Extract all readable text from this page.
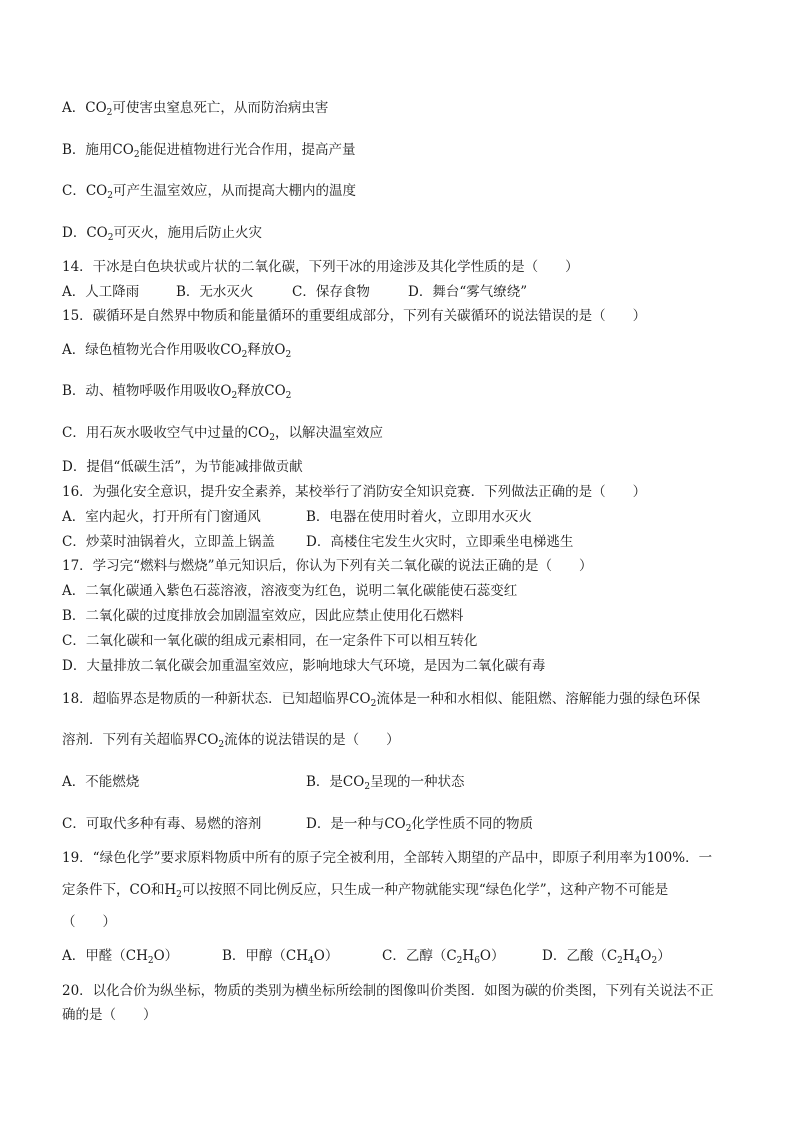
A．$CO_2$可使害虫窒息死亡，从而防治病虫害
B．施用$CO_2$能促进植物进行光合作用，提高产量
C．$CO_2$可产生温室效应，从而提高大棚内的温度
D．$CO_2$可灭火，施用后防止火灾
14．干冰是白色块状或片状的二氧化碳，下列干冰的用途涉及其化学性质的是（　　）
A．人工降雨	B．无水灭火	C．保存食物	D．舞台“雾气缭绕”
15．碳循环是自然界中物质和能量循环的重要组成部分，下列有关碳循环的说法错误的是（　　）
A．绿色植物光合作用吸收$CO_2$释放$O_2$
B．动、植物呼吸作用吸收$O_2$释放$CO_2$
C．用石灰水吸收空气中过量的$CO_2$，以解决温室效应
D．提倡“低碳生活”，为节能减排做贡献
16．为强化安全意识，提升安全素养，某校举行了消防安全知识竞赛．下列做法正确的是（　　）
A．室内起火，打开所有门窗通风	B．电器在使用时着火，立即用水灭火
C．炒菜时油锅着火，立即盖上锅盖 D．高楼住宅发生火灾时，立即乘坐电梯逃生
17．学习完“燃料与燃烧”单元知识后，你认为下列有关二氧化碳的说法正确的是（　　）
A．二氧化碳通入紫色石蕊溶液，溶液变为红色，说明二氧化碳能使石蕊变红
B．二氧化碳的过度排放会加剧温室效应，因此应禁止使用化石燃料
C．二氧化碳和一氧化碳的组成元素相同，在一定条件下可以相互转化
D．大量排放二氧化碳会加重温室效应，影响地球大气环境，是因为二氧化碳有毒
18．超临界态是物质的一种新状态．已知超临界$CO_2$流体是一种和水相似、能阻燃、溶解能力强的绿色环保
溶剂．下列有关超临界$CO_2$流体的说法错误的是（　　）
A．不能燃烧	B．是$CO_2$呈现的一种状态
C．可取代多种有毒、易燃的溶剂	D．是一种与$CO_2$化学性质不同的物质
19．“绿色化学”要求原料物质中所有的原子完全被利用，全部转入期望的产品中，即原子利用率为100%．一
定条件下，CO和$H_2$可以按照不同比例反应，只生成一种产物就能实现“绿色化学”，这种产物不可能是
（　　）
A．甲醛$(CH_2O)$	B．甲醇$(CH_4O)$	C．乙醇$(C_2H_6O)$	D．乙酸$(C_2H_4O_2)$
20．以化合价为纵坐标，物质的类别为横坐标所绘制的图像叫价类图．如图为碳的价类图，下列有关说法不正
确的是（　　）
